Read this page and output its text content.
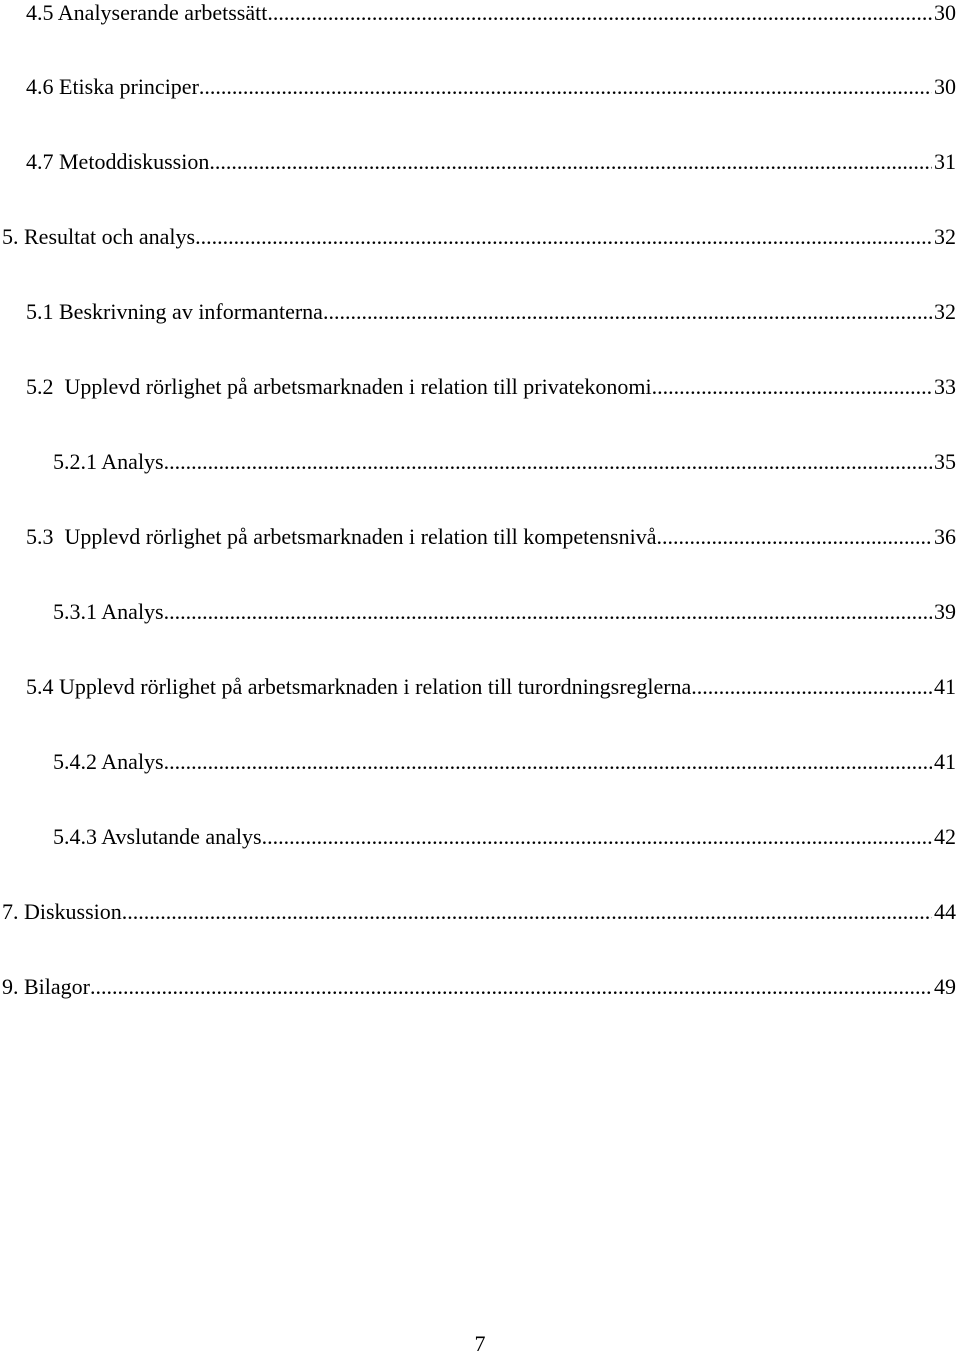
4.5 Analyserande arbetssätt .....	30
4.6 Etiska principer .....	30
4.7 Metoddiskussion .....	31
5. Resultat och analys .....	32
5.1 Beskrivning av informanterna .....	32
5.2  Upplevd rörlighet på arbetsmarknaden i relation till privatekonomi .....	33
5.2.1 Analys .....	35
5.3  Upplevd rörlighet på arbetsmarknaden i relation till kompetensnivå .....	36
5.3.1 Analys .....	39
5.4 Upplevd rörlighet på arbetsmarknaden i relation till turordningsreglerna .....	41
5.4.2 Analys .....	41
5.4.3 Avslutande analys .....	42
7. Diskussion .....	44
9. Bilagor .....	49
7
